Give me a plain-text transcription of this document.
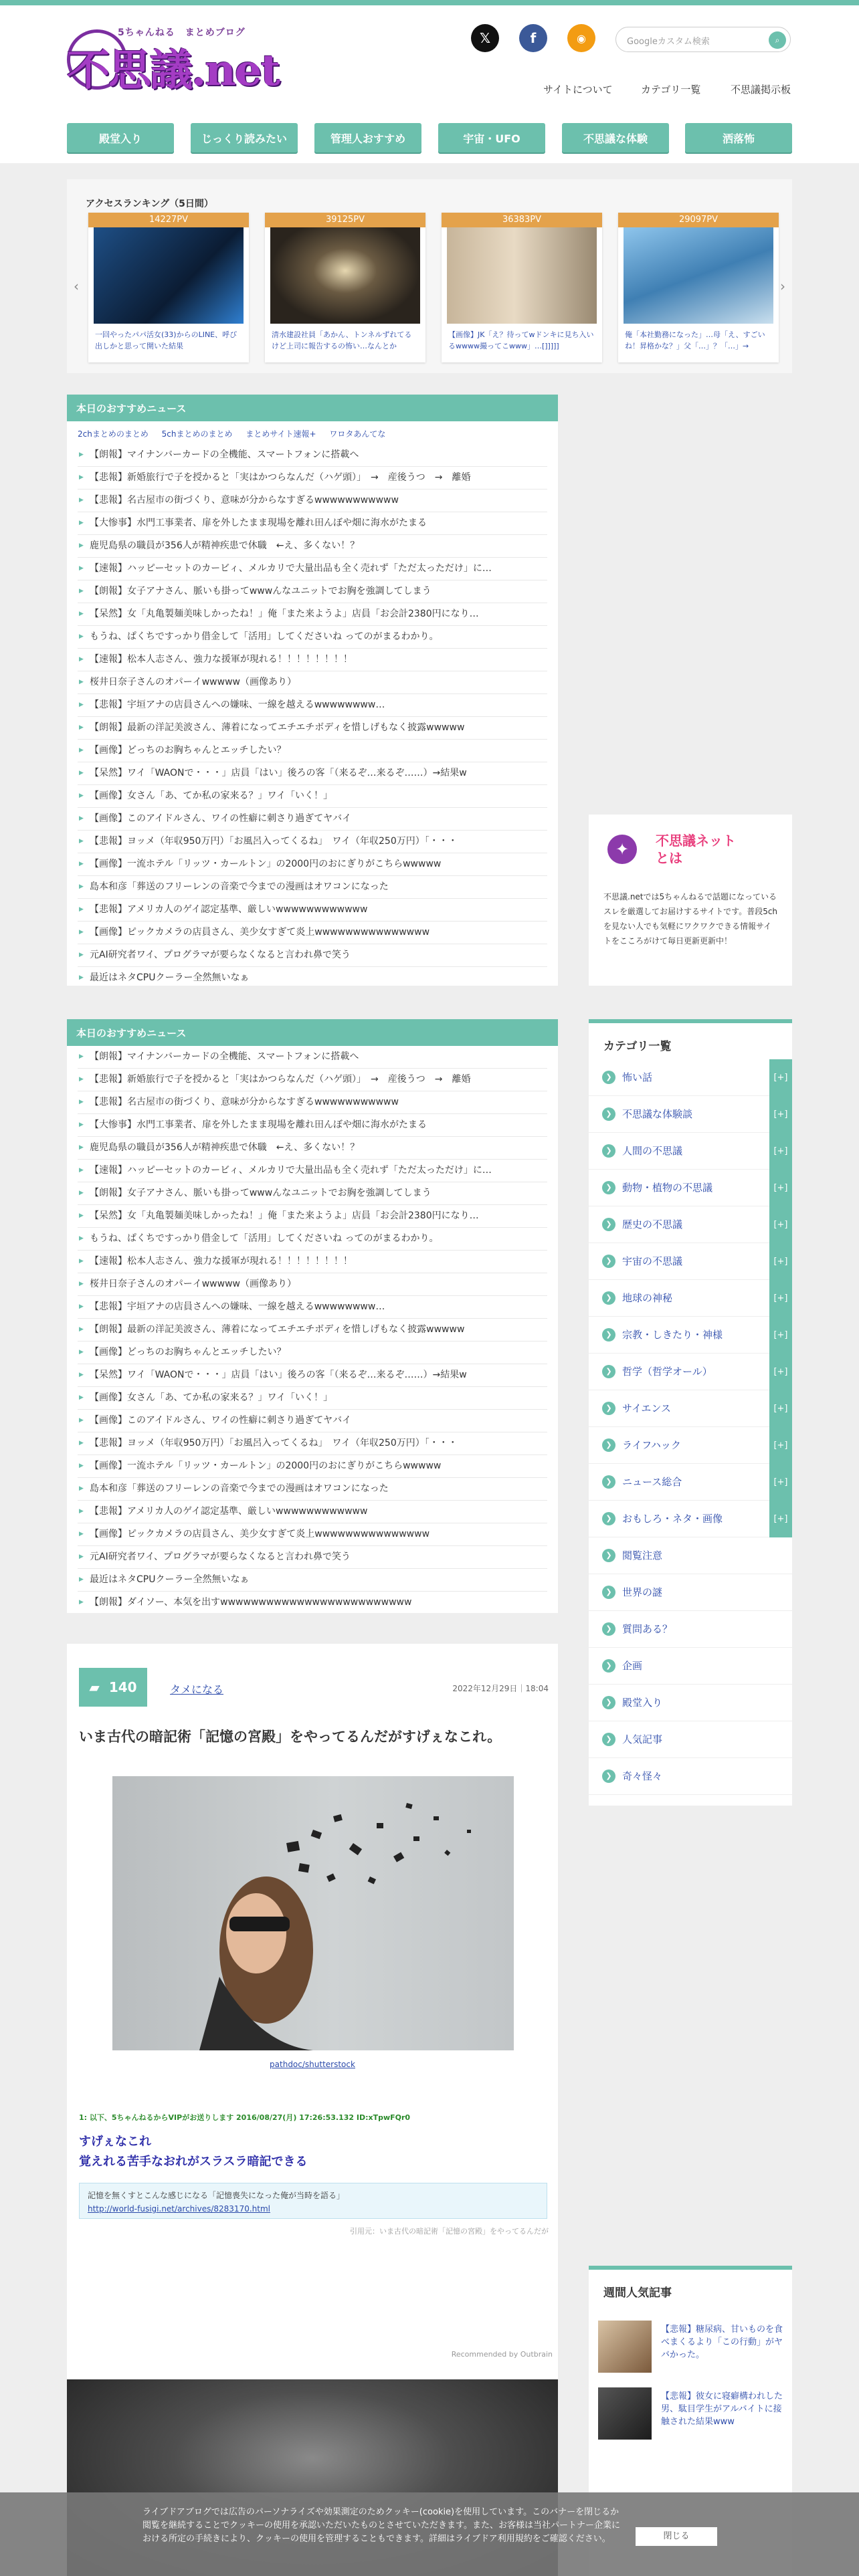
5ちゃんねる　まとめブログ
不思議.net
𝕏	f	◉	Googleカスタム検索	⌕
サイトについて	カテゴリ一覧	不思議掲示板
殿堂入り	じっくり読みたい	管理人おすすめ	宇宙・UFO	不思議な体験	洒落怖
アクセスランキング（5日間）
‹	›
14227PV
一回やったパパ活女(33)からのLINE、呼び出しかと思って開いた結果
39125PV
清水建設社員「あかん、トンネルずれてるけど上司に報告するの怖い…なんとか
36383PV
【画像】JK「え？待ってwドンキに見ち入いるwwww撮ってこwww」…[]]]]]
29097PV
俺「本社勤務になった」…母「え、すごいね！昇格かな？」父「…」？「…」→
本日のおすすめニュース
2chまとめのまとめ 5chまとめのまとめ まとめサイト速報+ ワロタあんてな
▶ 【朗報】マイナンバーカードの全機能、スマートフォンに搭載へ
▶ 【悲報】新婚旅行で子を授かると「実はかつらなんだ（ハゲ頭）」　→　産後うつ　→　離婚
▶ 【悲報】名古屋市の街づくり、意味が分からなすぎるwwwwwwwwwww
▶ 【大惨事】水門工事業者、扉を外したまま現場を離れ田んぼや畑に海水がたまる
▶ 鹿児島県の職員が356人が精神疾患で休職　←え、多くない！？
▶ 【速報】ハッピーセットのカービィ、メルカリで大量出品も全く売れず「ただ太っただけ」に…
▶ 【朗報】女子アナさん、脈いも掛ってwwwんなユニットでお胸を強調してしまう
▶ 【呆然】女「丸亀製麺美味しかったね！」俺「また来ようよ」店員「お会計2380円になり…
▶ もうね、ぱくちですっかり借金して「活用」してくださいね ってのがまるわかり。
▶ 【速報】松本人志さん、強力な援軍が現れる！！！！！！！！
▶ 桜井日奈子さんのオパーイwwwww（画像あり）
▶ 【悲報】宇垣アナの店員さんへの嫌味、一線を越えるwwwwwwww…
▶ 【朗報】最新の洋記美波さん、薄着になってエチエチボディを惜しげもなく披露wwwww
▶ 【画像】どっちのお胸ちゃんとエッチしたい？
▶ 【呆然】ワイ「WAONで・・・」店員「はい」後ろの客「（来るぞ…来るぞ……）→結果w
▶ 【画像】女さん「あ、てか私の家来る？」ワイ「いく！」
▶ 【画像】このアイドルさん、ワイの性癖に刺さり過ぎてヤバイ
▶ 【悲報】ヨッメ（年収950万円）「お風呂入ってくるね」　ワイ（年収250万円）「・・・
▶ 【画像】一流ホテル「リッツ・カールトン」の2000円のおにぎりがこちらwwwww
▶ 島本和彦「葬送のフリーレンの音楽で今までの漫画はオワコンになった
▶ 【悲報】アメリカ人のゲイ認定基準、厳しいwwwwwwwwwwww
▶ 【画像】ピックカメラの店員さん、美少女すぎて炎上wwwwwwwwwwwwwww
▶ 元AI研究者ワイ、プログラマが要らなくなると言われ鼻で笑う
▶ 最近はネタCPUクーラー全然無いなぁ
本日のおすすめニュース
▶ 【朗報】マイナンバーカードの全機能、スマートフォンに搭載へ
▶ 【悲報】新婚旅行で子を授かると「実はかつらなんだ（ハゲ頭）」　→　産後うつ　→　離婚
▶ 【悲報】名古屋市の街づくり、意味が分からなすぎるwwwwwwwwwww
▶ 【大惨事】水門工事業者、扉を外したまま現場を離れ田んぼや畑に海水がたまる
▶ 鹿児島県の職員が356人が精神疾患で休職　←え、多くない！？
▶ 【速報】ハッピーセットのカービィ、メルカリで大量出品も全く売れず「ただ太っただけ」に…
▶ 【朗報】女子アナさん、脈いも掛ってwwwんなユニットでお胸を強調してしまう
▶ 【呆然】女「丸亀製麺美味しかったね！」俺「また来ようよ」店員「お会計2380円になり…
▶ もうね、ぱくちですっかり借金して「活用」してくださいね ってのがまるわかり。
▶ 【速報】松本人志さん、強力な援軍が現れる！！！！！！！！
▶ 桜井日奈子さんのオパーイwwwww（画像あり）
▶ 【悲報】宇垣アナの店員さんへの嫌味、一線を越えるwwwwwwww…
▶ 【朗報】最新の洋記美波さん、薄着になってエチエチボディを惜しげもなく披露wwwww
▶ 【画像】どっちのお胸ちゃんとエッチしたい？
▶ 【呆然】ワイ「WAONで・・・」店員「はい」後ろの客「（来るぞ…来るぞ……）→結果w
▶ 【画像】女さん「あ、てか私の家来る？」ワイ「いく！」
▶ 【画像】このアイドルさん、ワイの性癖に刺さり過ぎてヤバイ
▶ 【悲報】ヨッメ（年収950万円）「お風呂入ってくるね」　ワイ（年収250万円）「・・・
▶ 【画像】一流ホテル「リッツ・カールトン」の2000円のおにぎりがこちらwwwww
▶ 島本和彦「葬送のフリーレンの音楽で今までの漫画はオワコンになった
▶ 【悲報】アメリカ人のゲイ認定基準、厳しいwwwwwwwwwwww
▶ 【画像】ピックカメラの店員さん、美少女すぎて炎上wwwwwwwwwwwwwww
▶ 元AI研究者ワイ、プログラマが要らなくなると言われ鼻で笑う
▶ 最近はネタCPUクーラー全然無いなぁ
▶ 【朗報】ダイソー、本気を出すwwwwwwwwwwwwwwwwwwwwwwwww
✦	不思議ネット
とは
不思議.netでは5ちゃんねるで話題になっているスレを厳選してお届けするサイトです。普段5chを見ない人でも気軽にワクワクできる情報サイトをこころがけて毎日更新更新中！
カテゴリ一覧
❯ 怖い話	[+]
❯ 不思議な体験談	[+]
❯ 人間の不思議	[+]
❯ 動物・植物の不思議	[+]
❯ 歴史の不思議	[+]
❯ 宇宙の不思議	[+]
❯ 地球の神秘	[+]
❯ 宗教・しきたり・神様	[+]
❯ 哲学（哲学オール）	[+]
❯ サイエンス	[+]
❯ ライフハック	[+]
❯ ニュース総合	[+]
❯ おもしろ・ネタ・画像	[+]
❯ 閲覧注意
❯ 世界の謎
❯ 質問ある？
❯ 企画
❯ 殿堂入り
❯ 人気記事
❯ 奇々怪々
▰ 140	タメになる	2022年12月29日｜18:04
いま古代の暗記術「記憶の宮殿」をやってるんだがすげぇなこれ。
pathdoc/shutterstock
1: 以下、5ちゃんねるからVIPがお送りします 2016/08/27(月) 17:26:53.132 ID:xTpwFQr0
すげぇなこれ
覚えれる苦手なおれがスラスラ暗記できる
記憶を無くすとこんな感じになる「記憶喪失になった俺が当時を語る」
http://world-fusigi.net/archives/8283170.html
引用元：いま古代の暗記術「記憶の宮殿」をやってるんだが
Recommended by Outbrain
週間人気記事
【悲報】糖尿病、甘いものを食べまくるより「この行動」がヤバかった。
【悲報】彼女に寝癖構われした男、駄目学生がアルバイトに接触された結果www
ライブドアブログでは広告のパーソナライズや効果測定のためクッキー(cookie)を使用しています。このバナーを閉じるか閲覧を継続することでクッキーの使用を承認いただいたものとさせていただきます。また、お客様は当社パートナー企業における所定の手続きにより、クッキーの使用を管理することもできます。詳細はライブドア利用規約をご確認ください。	閉じる
